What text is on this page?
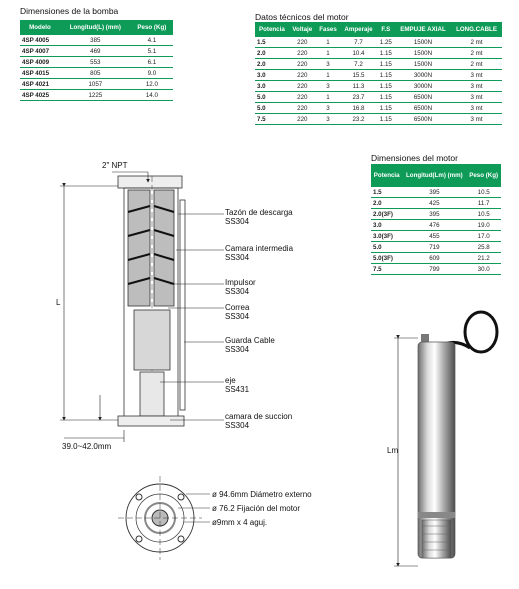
Dimensiones de la bomba
Datos técnicos del motor
Dimensiones del motor
Modelo	Longitud(L) (mm)	Peso (Kg)
4SP 4005	385	4.1
4SP 4007	469	5.1
4SP 4009	553	6.1
4SP 4015	805	9.0
4SP 4021	1057	12.0
4SP 4025	1225	14.0
Potencia	Voltaje	Fases	Amperaje	F.S	EMPUJE AXIAL	LONG.CABLE
1.5	220	1	7.7	1.25	1500N	2 mt
2.0	220	1	10.4	1.15	1500N	2 mt
2.0	220	3	7.2	1.15	1500N	2 mt
3.0	220	1	15.5	1.15	3000N	3 mt
3.0	220	3	11.3	1.15	3000N	3 mt
5.0	220	1	23.7	1.15	6500N	3 mt
5.0	220	3	16.8	1.15	6500N	3 mt
7.5	220	3	23.2	1.15	6500N	3 mt
Potencia	Longitud(Lm) (mm)	Peso (Kg)
1.5	395	10.5
2.0	425	11.7
2.0(3F)	395	10.5
3.0	476	19.0
3.0(3F)	455	17.0
5.0	719	25.8
5.0(3F)	609	21.2
7.5	799	30.0
2" NPT
L
39.0~42.0mm
Tazón de descarga
SS304
Camara intermedia
SS304
Impulsor
SS304
Correa
SS304
Guarda Cable
SS304
eje
SS431
camara de succion
SS304
ø 94.6mm Diámetro externo
ø 76.2 Fijación del motor
ø9mm x 4 aguj.
Lm
